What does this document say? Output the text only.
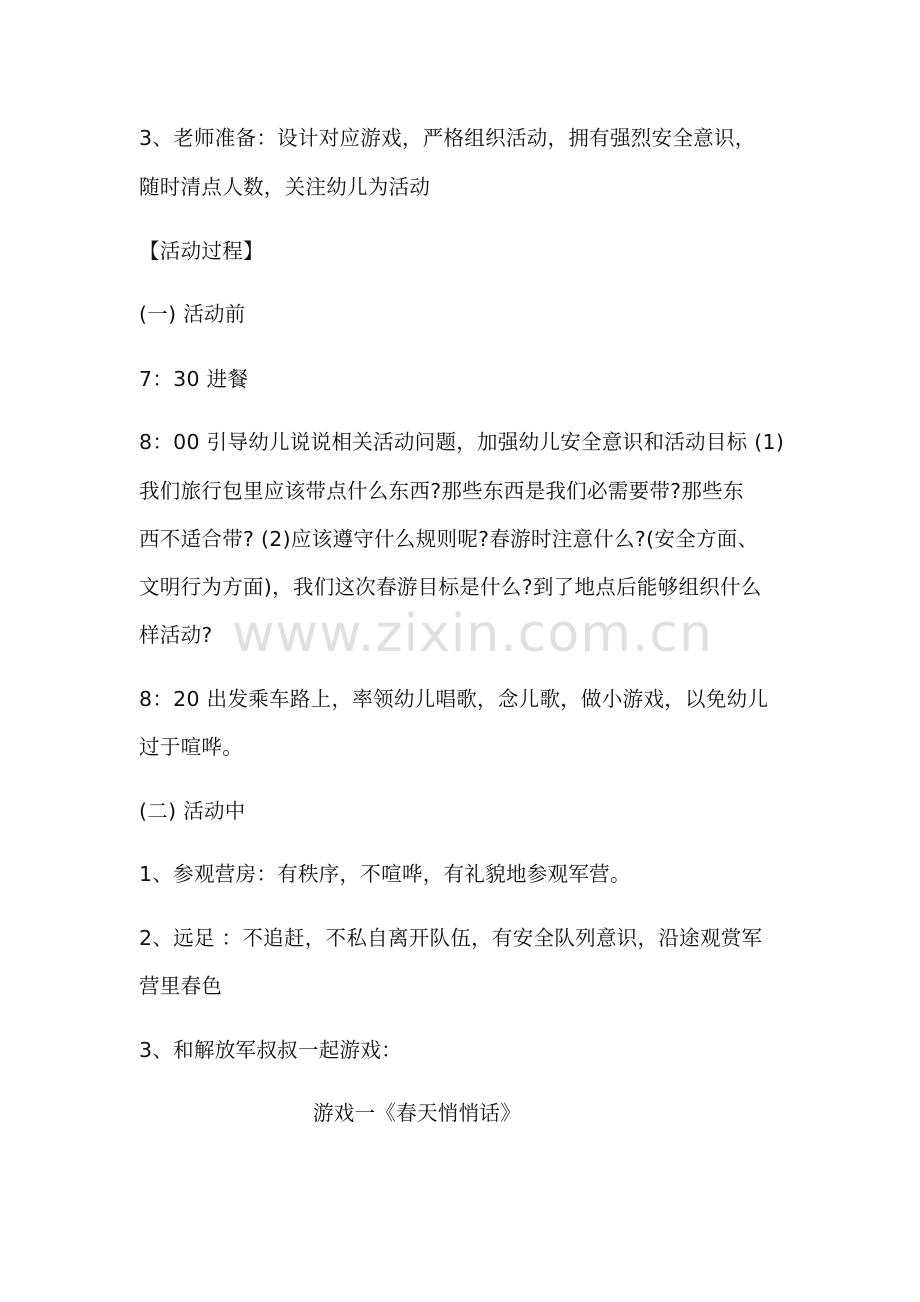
3、老师准备：设计对应游戏，严格组织活动，拥有强烈安全意识，
随时清点人数，关注幼儿为活动
【活动过程】
(一) 活动前
7：30 进餐
8：00 引导幼儿说说相关活动问题，加强幼儿安全意识和活动目标 (1)
我们旅行包里应该带点什么东西?那些东西是我们必需要带?那些东
西不适合带? (2)应该遵守什么规则呢?春游时注意什么?(安全方面、
文明行为方面)，我们这次春游目标是什么?到了地点后能够组织什么
样活动?
8：20 出发乘车路上，率领幼儿唱歌，念儿歌，做小游戏，以免幼儿
过于喧哗。
(二) 活动中
1、参观营房：有秩序，不喧哗，有礼貌地参观军营。
2、远足 ：不追赶，不私自离开队伍，有安全队列意识，沿途观赏军
营里春色
3、和解放军叔叔一起游戏：
游戏一《春天悄悄话》
www.zixin.com.cn
